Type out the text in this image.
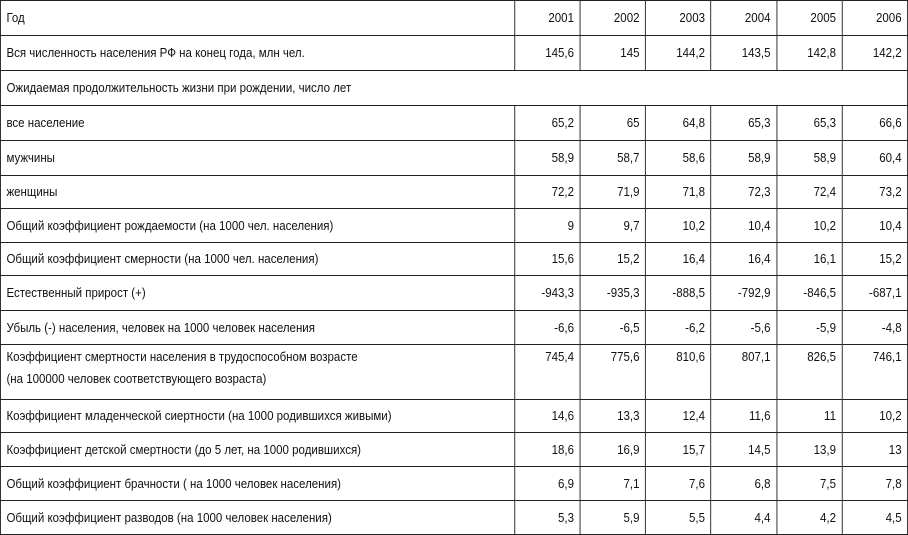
Год	2001	2002	2003	2004	2005	2006
Вся численность населения РФ на конец года, млн чел.	145,6	145	144,2	143,5	142,8	142,2
Ожидаемая продолжительность жизни при рождении, число лет						
все население	65,2	65	64,8	65,3	65,3	66,6
мужчины	58,9	58,7	58,6	58,9	58,9	60,4
женщины	72,2	71,9	71,8	72,3	72,4	73,2
Общий коэффициент рождаемости (на 1000 чел. населения)	9	9,7	10,2	10,4	10,2	10,4
Общий коэффициент смерности (на 1000 чел. населения)	15,6	15,2	16,4	16,4	16,1	15,2
Естественный прирост (+)	-943,3	-935,3	-888,5	-792,9	-846,5	-687,1
Убыль (-) населения, человек на 1000 человек населения	-6,6	-6,5	-6,2	-5,6	-5,9	-4,8

Коэффициент смертности населения в трудоспособном возрасте
(на 100000 человек соответствующего возраста)	745,4	775,6	810,6	807,1	826,5	746,1
Коэффициент младенческой сиертности (на 1000 родившихся живыми)	14,6	13,3	12,4	11,6	11	10,2
Коэффициент детской смертности (до 5 лет, на 1000 родившихся)	18,6	16,9	15,7	14,5	13,9	13
Общий коэффициент брачности ( на 1000 человек населения)	6,9	7,1	7,6	6,8	7,5	7,8
Общий коэффициент разводов (на 1000 человек населения)	5,3	5,9	5,5	4,4	4,2	4,5
